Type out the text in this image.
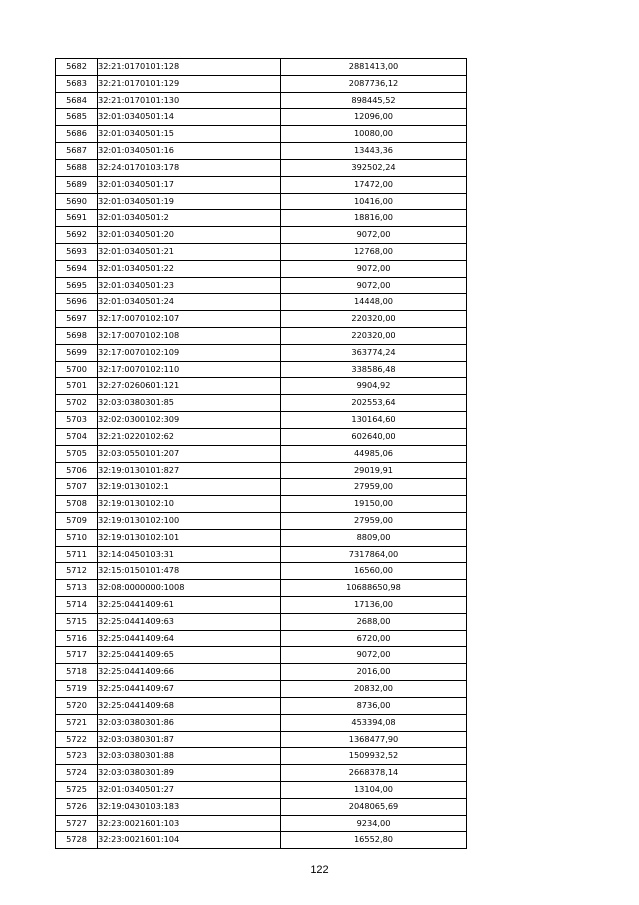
5682	32:21:0170101:128	2881413,00
5683	32:21:0170101:129	2087736,12
5684	32:21:0170101:130	898445,52
5685	32:01:0340501:14	12096,00
5686	32:01:0340501:15	10080,00
5687	32:01:0340501:16	13443,36
5688	32:24:0170103:178	392502,24
5689	32:01:0340501:17	17472,00
5690	32:01:0340501:19	10416,00
5691	32:01:0340501:2	18816,00
5692	32:01:0340501:20	9072,00
5693	32:01:0340501:21	12768,00
5694	32:01:0340501:22	9072,00
5695	32:01:0340501:23	9072,00
5696	32:01:0340501:24	14448,00
5697	32:17:0070102:107	220320,00
5698	32:17:0070102:108	220320,00
5699	32:17:0070102:109	363774,24
5700	32:17:0070102:110	338586,48
5701	32:27:0260601:121	9904,92
5702	32:03:0380301:85	202553,64
5703	32:02:0300102:309	130164,60
5704	32:21:0220102:62	602640,00
5705	32:03:0550101:207	44985,06
5706	32:19:0130101:827	29019,91
5707	32:19:0130102:1	27959,00
5708	32:19:0130102:10	19150,00
5709	32:19:0130102:100	27959,00
5710	32:19:0130102:101	8809,00
5711	32:14:0450103:31	7317864,00
5712	32:15:0150101:478	16560,00
5713	32:08:0000000:1008	10688650,98
5714	32:25:0441409:61	17136,00
5715	32:25:0441409:63	2688,00
5716	32:25:0441409:64	6720,00
5717	32:25:0441409:65	9072,00
5718	32:25:0441409:66	2016,00
5719	32:25:0441409:67	20832,00
5720	32:25:0441409:68	8736,00
5721	32:03:0380301:86	453394,08
5722	32:03:0380301:87	1368477,90
5723	32:03:0380301:88	1509932,52
5724	32:03:0380301:89	2668378,14
5725	32:01:0340501:27	13104,00
5726	32:19:0430103:183	2048065,69
5727	32:23:0021601:103	9234,00
5728	32:23:0021601:104	16552,80
122
